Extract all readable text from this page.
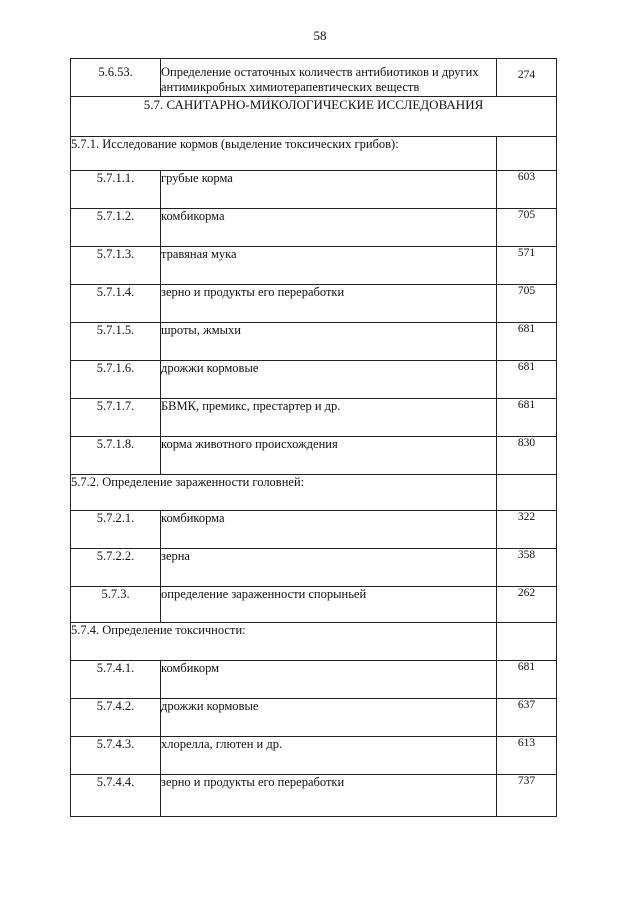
58
5.6.53.	Определение остаточных количеств антибиотиков и других антимикробных химиотерапевтических веществ	274
5.7. САНИТАРНО-МИКОЛОГИЧЕСКИЕ ИССЛЕДОВАНИЯ		
5.7.1. Исследование кормов (выделение токсических грибов):		
5.7.1.1.	грубые корма	603
5.7.1.2.	комбикорма	705
5.7.1.3.	травяная мука	571
5.7.1.4.	зерно и продукты его переработки	705
5.7.1.5.	шроты, жмыхи	681
5.7.1.6.	дрожжи кормовые	681
5.7.1.7.	БВМК, премикс, престартер и др.	681
5.7.1.8.	корма животного происхождения	830
5.7.2. Определение зараженности головней:		
5.7.2.1.	комбикорма	322
5.7.2.2.	зерна	358
5.7.3.	определение зараженности спорыньей	262
5.7.4. Определение токсичности:		
5.7.4.1.	комбикорм	681
5.7.4.2.	дрожжи кормовые	637
5.7.4.3.	хлорелла, глютен и др.	613
5.7.4.4.	зерно и продукты его переработки	737
